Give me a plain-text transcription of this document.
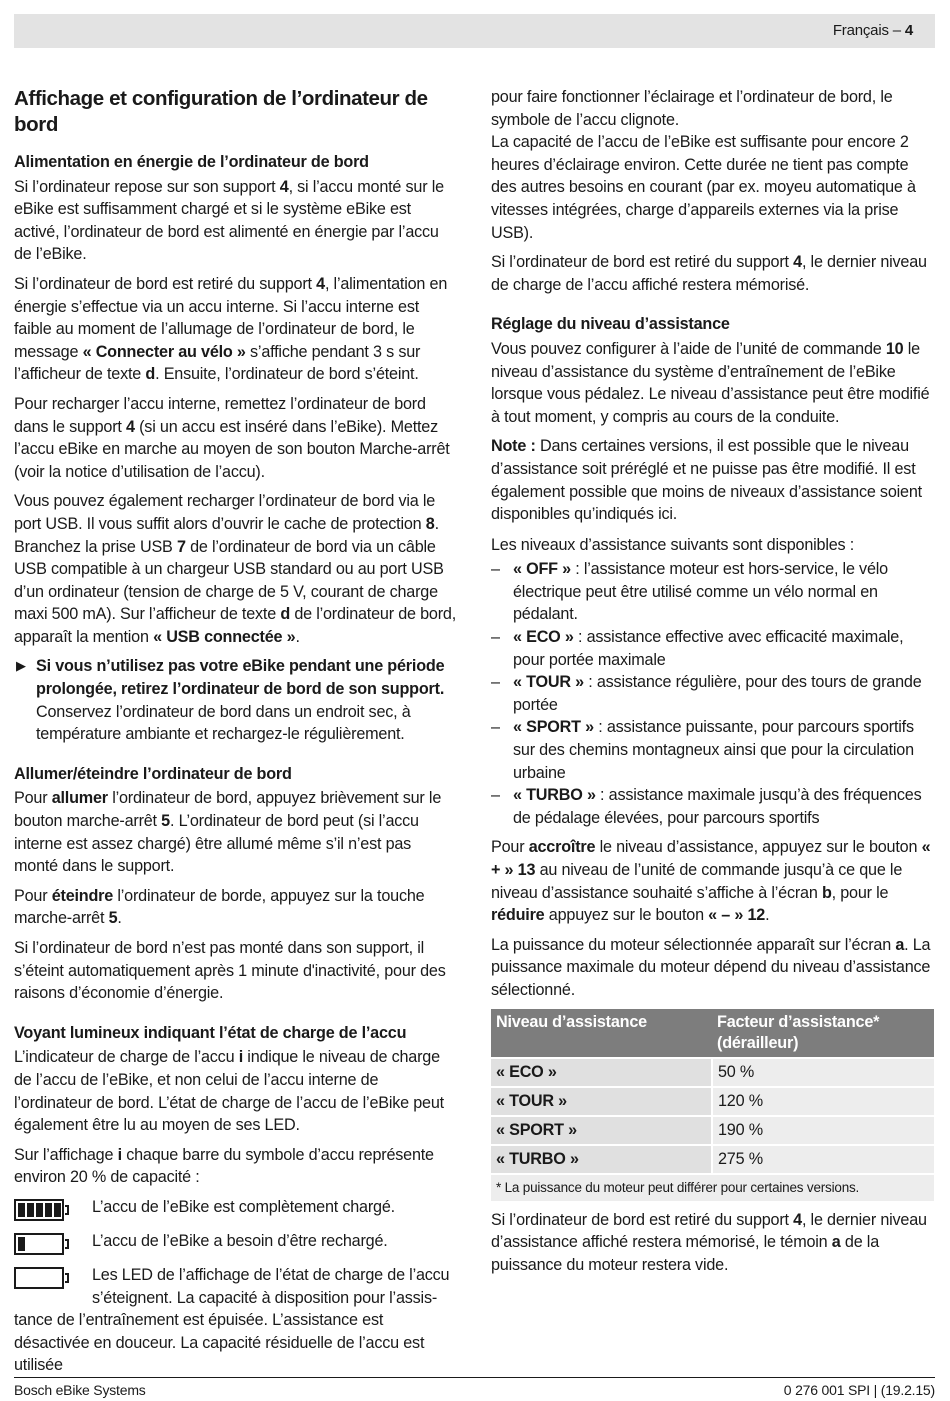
Français – 4
Affichage et configuration de l’ordinateur de bord
Alimentation en énergie de l’ordinateur de bord

Si l’ordinateur repose sur son support 4, si l’accu monté sur le eBike est suffisamment chargé et si le système eBike est activé, l’ordinateur de bord est alimenté en énergie par l’accu de l’eBike.

Si l’ordinateur de bord est retiré du support 4, l’alimentation en énergie s’effectue via un accu interne. Si l’accu interne est faible au moment de l’allumage de l’ordinateur de bord, le message « Connecter au vélo » s’affiche pendant 3 s sur l’afficheur de texte d. Ensuite, l’ordinateur de bord s’éteint.

Pour recharger l’accu interne, remettez l’ordinateur de bord dans le support 4 (si un accu est inséré dans l’eBike). Mettez l’accu eBike en marche au moyen de son bouton Marche-arrêt (voir la notice d’utilisation de l’accu).

Vous pouvez également recharger l’ordinateur de bord via le port USB. Il vous suffit alors d’ouvrir le cache de protection 8. Branchez la prise USB 7 de l’ordinateur de bord via un câble USB compatible à un chargeur USB standard ou au port USB d’un ordinateur (tension de charge de 5 V, courant de charge maxi 500 mA). Sur l’afficheur de texte d de l’ordinateur de bord, apparaît la mention « USB connectée ».

▶ Si vous n’utilisez pas votre eBike pendant une période prolongée, retirez l’ordinateur de bord de son support. Conservez l’ordinateur de bord dans un endroit sec, à température ambiante et rechargez-le régulièrement.

Allumer/éteindre l’ordinateur de bord

Pour allumer l’ordinateur de bord, appuyez brièvement sur le bouton marche-arrêt 5. L’ordinateur de bord peut (si l’accu interne est assez chargé) être allumé même s’il n’est pas monté dans le support.

Pour éteindre l’ordinateur de borde, appuyez sur la touche marche-arrêt 5.

Si l’ordinateur de bord n’est pas monté dans son support, il s’éteint automatiquement après 1 minute d'inactivité, pour des raisons d’économie d’énergie.

Voyant lumineux indiquant l’état de charge de l’accu

L’indicateur de charge de l’accu i indique le niveau de charge de l’accu de l’eBike, et non celui de l’accu interne de l’ordinateur de bord. L’état de charge de l’accu de l’eBike peut également être lu au moyen de ses LED.

Sur l’affichage i chaque barre du symbole d’accu représente environ 20 % de capacité :

L’accu de l’eBike est complètement chargé.
L’accu de l’eBike a besoin d’être rechargé.
Les LED de l’affichage de l’état de charge de l’accu s’éteignent. La capacité à disposition pour l’assis-
tance de l’entraînement est épuisée. L’assistance est désactivée en douceur. La capacité résiduelle de l’accu est utilisée

pour faire fonctionner l’éclairage et l’ordinateur de bord, le symbole de l’accu clignote.

La capacité de l’accu de l’eBike est suffisante pour encore 2 heures d’éclairage environ. Cette durée ne tient pas compte des autres besoins en courant (par ex. moyeu automatique à vitesses intégrées, charge d’appareils externes via la prise USB).

Si l’ordinateur de bord est retiré du support 4, le dernier niveau de charge de l’accu affiché restera mémorisé.

Réglage du niveau d’assistance

Vous pouvez configurer à l’aide de l’unité de commande 10 le niveau d’assistance du système d’entraînement de l’eBike lorsque vous pédalez. Le niveau d’assistance peut être modifié à tout moment, y compris au cours de la conduite.

Note : Dans certaines versions, il est possible que le niveau d’assistance soit préréglé et ne puisse pas être modifié. Il est également possible que moins de niveaux d’assistance soient disponibles qu’indiqués ici.

Les niveaux d’assistance suivants sont disponibles :

– « OFF » : l’assistance moteur est hors-service, le vélo électrique peut être utilisé comme un vélo normal en pédalant.
– « ECO » : assistance effective avec efficacité maximale, pour portée maximale
– « TOUR » : assistance régulière, pour des tours de grande portée
– « SPORT » : assistance puissante, pour parcours sportifs sur des chemins montagneux ainsi que pour la circulation urbaine
– « TURBO » : assistance maximale jusqu’à des fréquences de pédalage élevées, pour parcours sportifs

Pour accroître le niveau d’assistance, appuyez sur le bouton « + » 13 au niveau de l’unité de commande jusqu’à ce que le niveau d’assistance souhaité s’affiche à l’écran b, pour le réduire appuyez sur le bouton « – » 12.

La puissance du moteur sélectionnée apparaît sur l’écran a. La puissance maximale du moteur dépend du niveau d’assistance sélectionné.

Niveau d’assistance	Facteur d’assistance* (dérailleur)
« ECO »	50 %
« TOUR »	120 %
« SPORT »	190 %
« TURBO »	275 %
* La puissance du moteur peut différer pour certaines versions.	

Si l’ordinateur de bord est retiré du support 4, le dernier niveau d’assistance affiché restera mémorisé, le témoin a de la puissance du moteur restera vide.

Bosch eBike Systems	0 276 001 SPI | (19.2.15)
